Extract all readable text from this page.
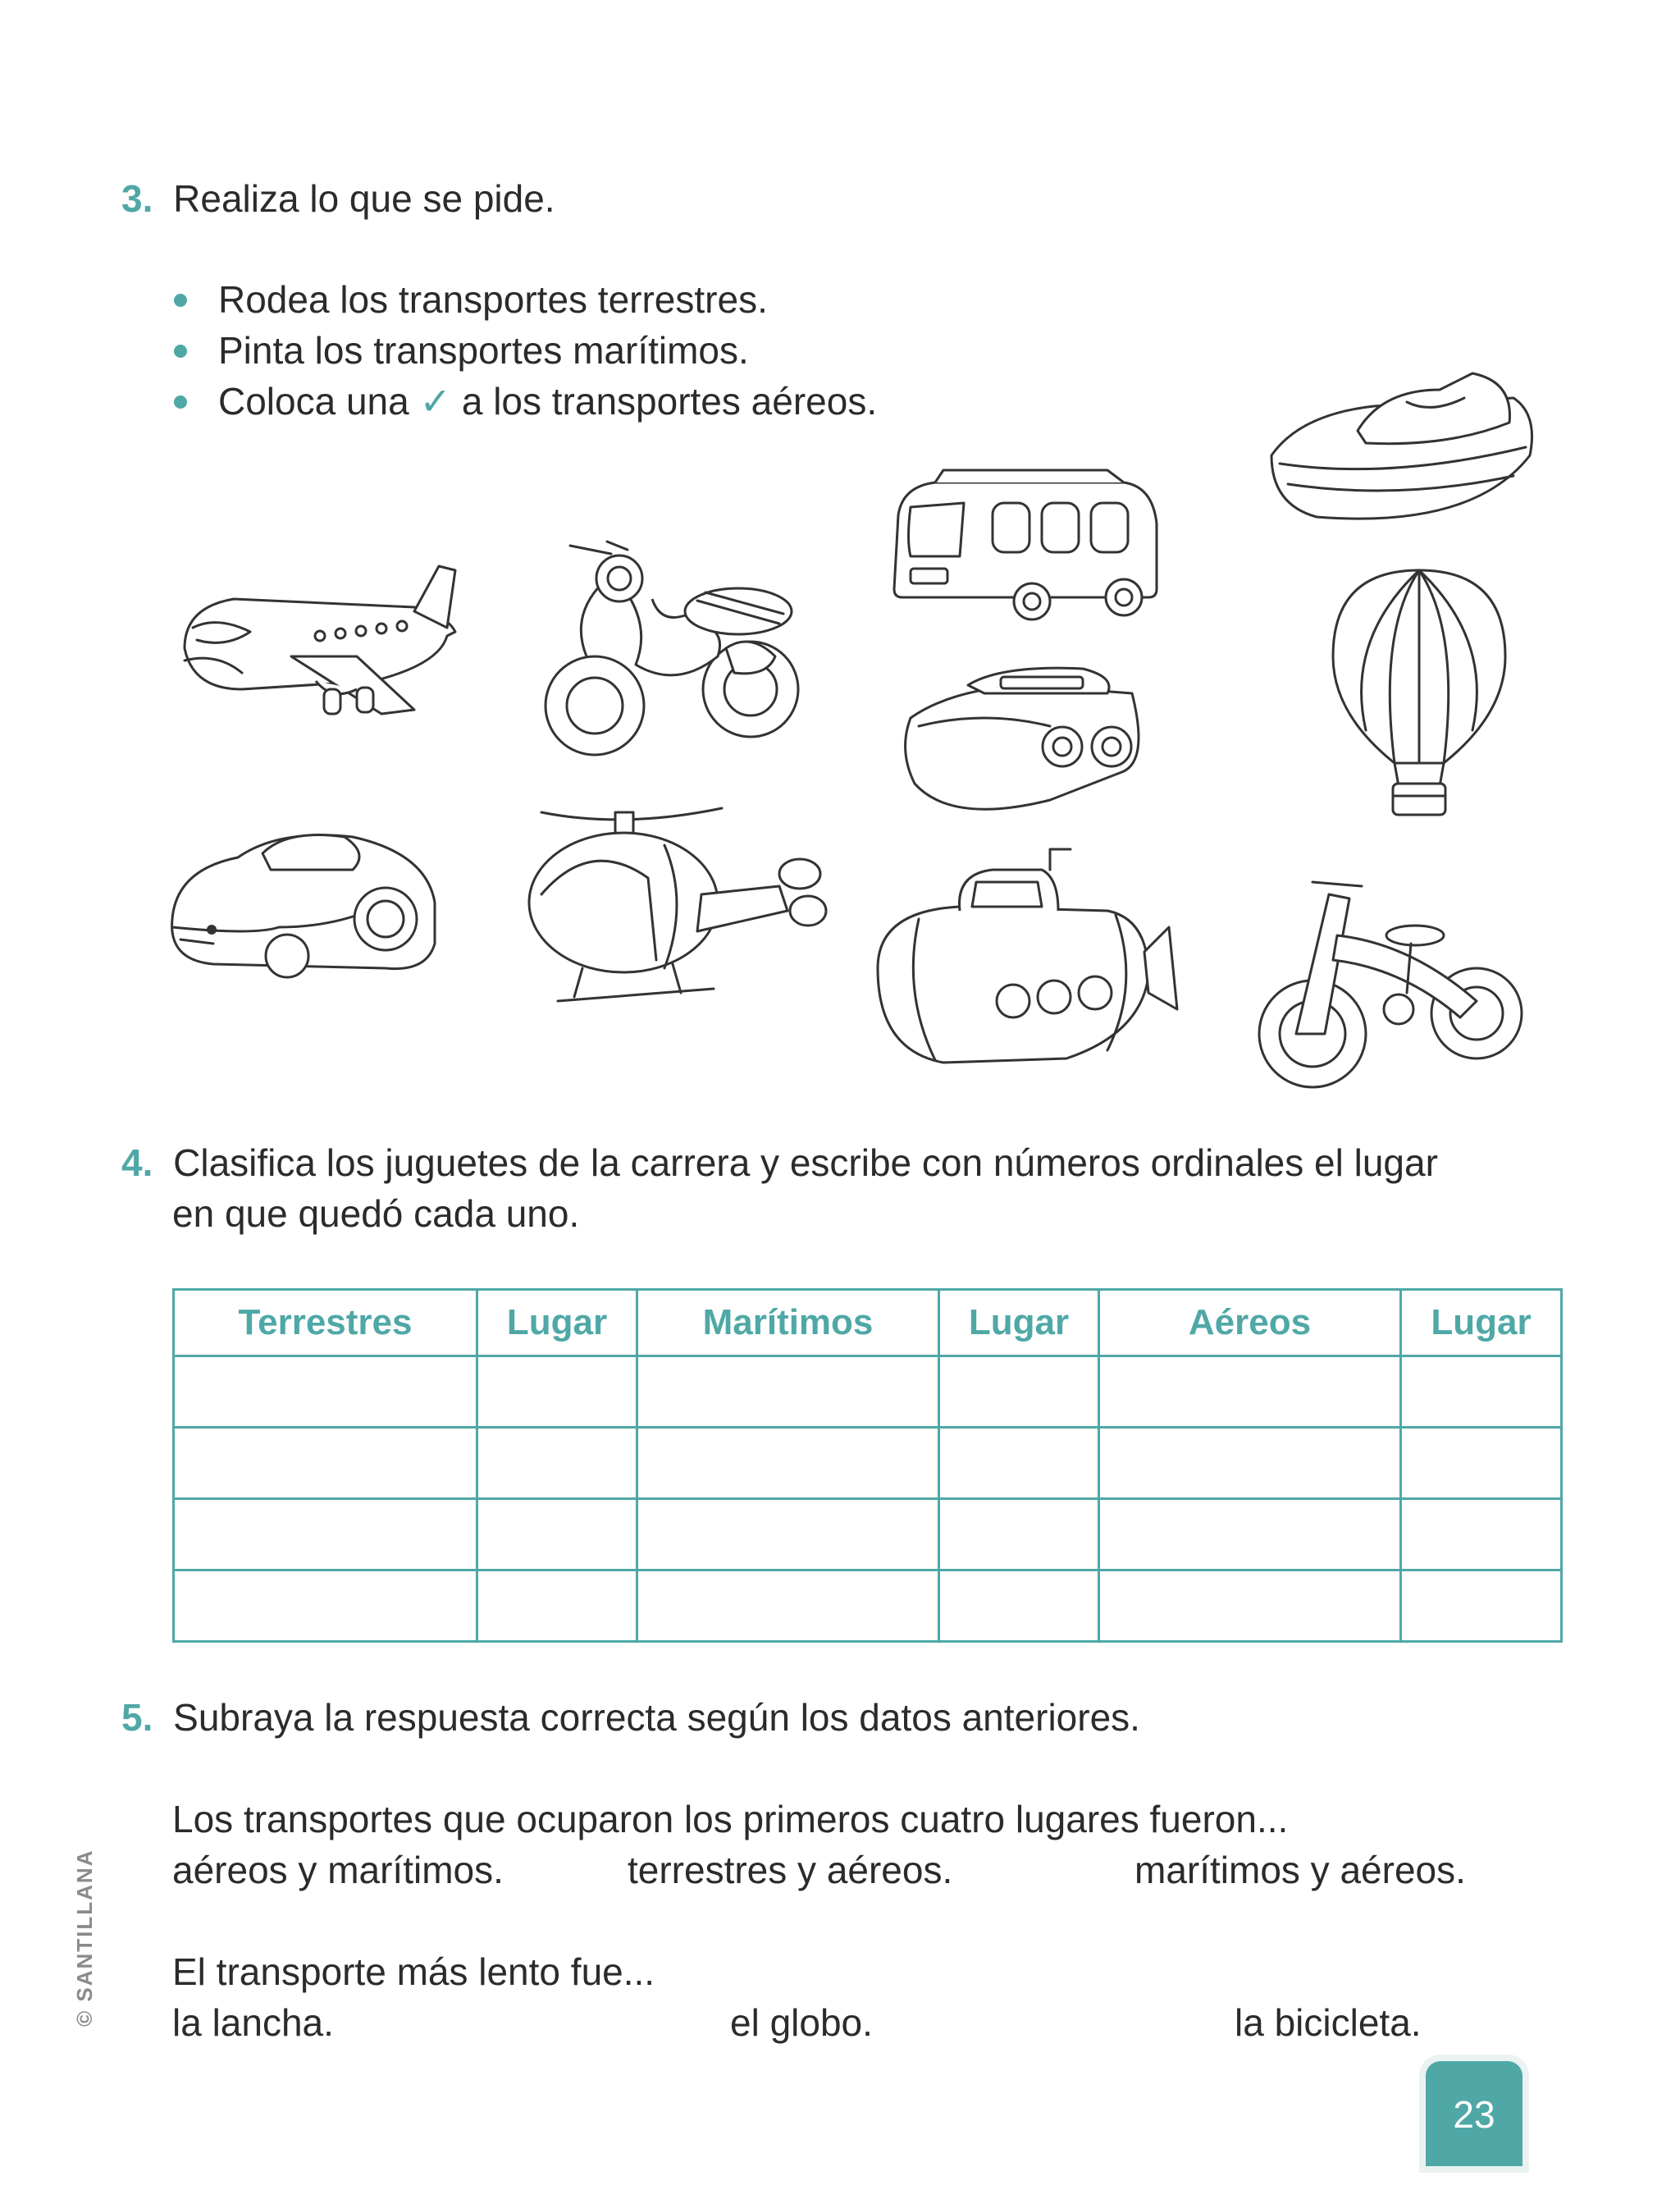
3. Realiza lo que se pide.
Rodea los transportes terrestres.
Pinta los transportes marítimos.
Coloca una ✓ a los transportes aéreos.
4. Clasifica los juguetes de la carrera y escribe con números ordinales el lugar
en que quedó cada uno.
Terrestres	Lugar	Marítimos	Lugar	Aéreos	Lugar

5. Subraya la respuesta correcta según los datos anteriores.
Los transportes que ocuparon los primeros cuatro lugares fueron...
aéreos y marítimos.	terrestres y aéreos.	marítimos y aéreos.
El transporte más lento fue...
la lancha.	el globo.	la bicicleta.
© SANTILLANA
23
